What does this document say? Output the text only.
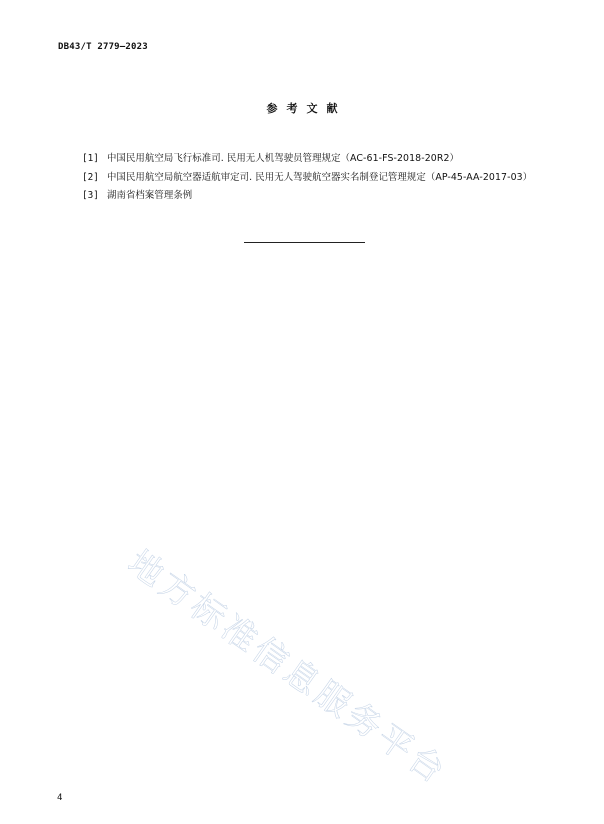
DB43/T 2779—2023
参考文献
[1] 中国民用航空局飞行标准司. 民用无人机驾驶员管理规定（AC-61-FS-2018-20R2）
[2] 中国民用航空局航空器适航审定司. 民用无人驾驶航空器实名制登记管理规定（AP-45-AA-2017-03）
[3] 湖南省档案管理条例
地方标准信息服务平台
4
